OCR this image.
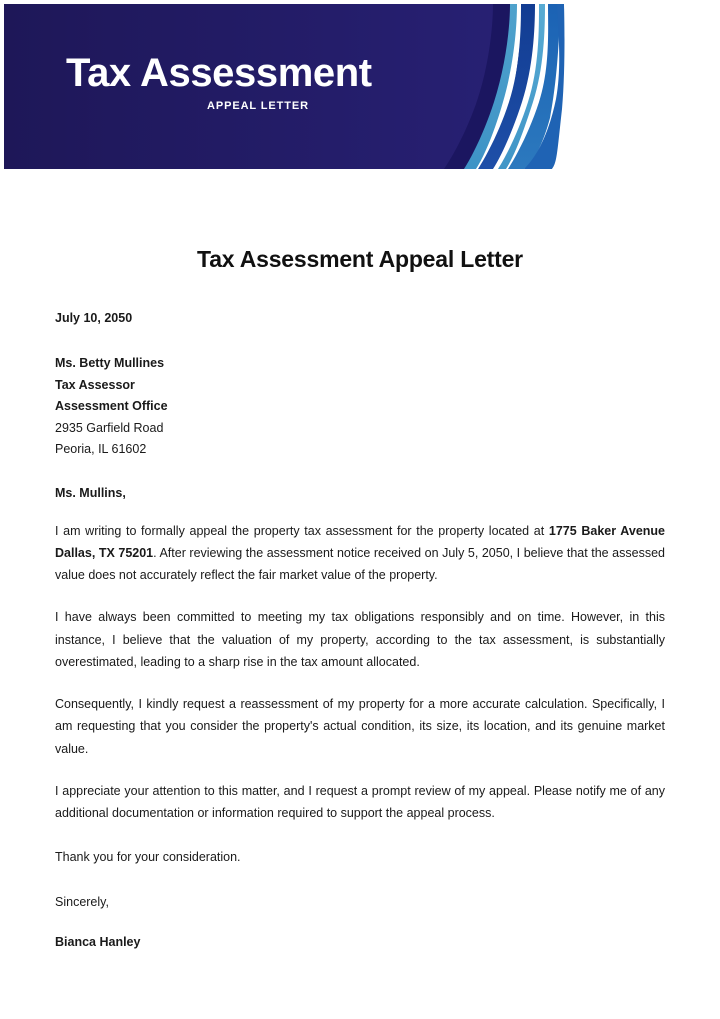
Tax Assessment
APPEAL LETTER
Tax Assessment Appeal Letter
July 10, 2050
Ms. Betty Mullines
Tax Assessor
Assessment Office
2935 Garfield Road
Peoria, IL 61602
Ms. Mullins,
I am writing to formally appeal the property tax assessment for the property located at 1775 Baker Avenue Dallas, TX 75201. After reviewing the assessment notice received on July 5, 2050, I believe that the assessed value does not accurately reflect the fair market value of the property.
I have always been committed to meeting my tax obligations responsibly and on time. However, in this instance, I believe that the valuation of my property, according to the tax assessment, is substantially overestimated, leading to a sharp rise in the tax amount allocated.
Consequently, I kindly request a reassessment of my property for a more accurate calculation. Specifically, I am requesting that you consider the property's actual condition, its size, its location, and its genuine market value.
I appreciate your attention to this matter, and I request a prompt review of my appeal. Please notify me of any additional documentation or information required to support the appeal process.
Thank you for your consideration.
Sincerely,
Bianca Hanley
